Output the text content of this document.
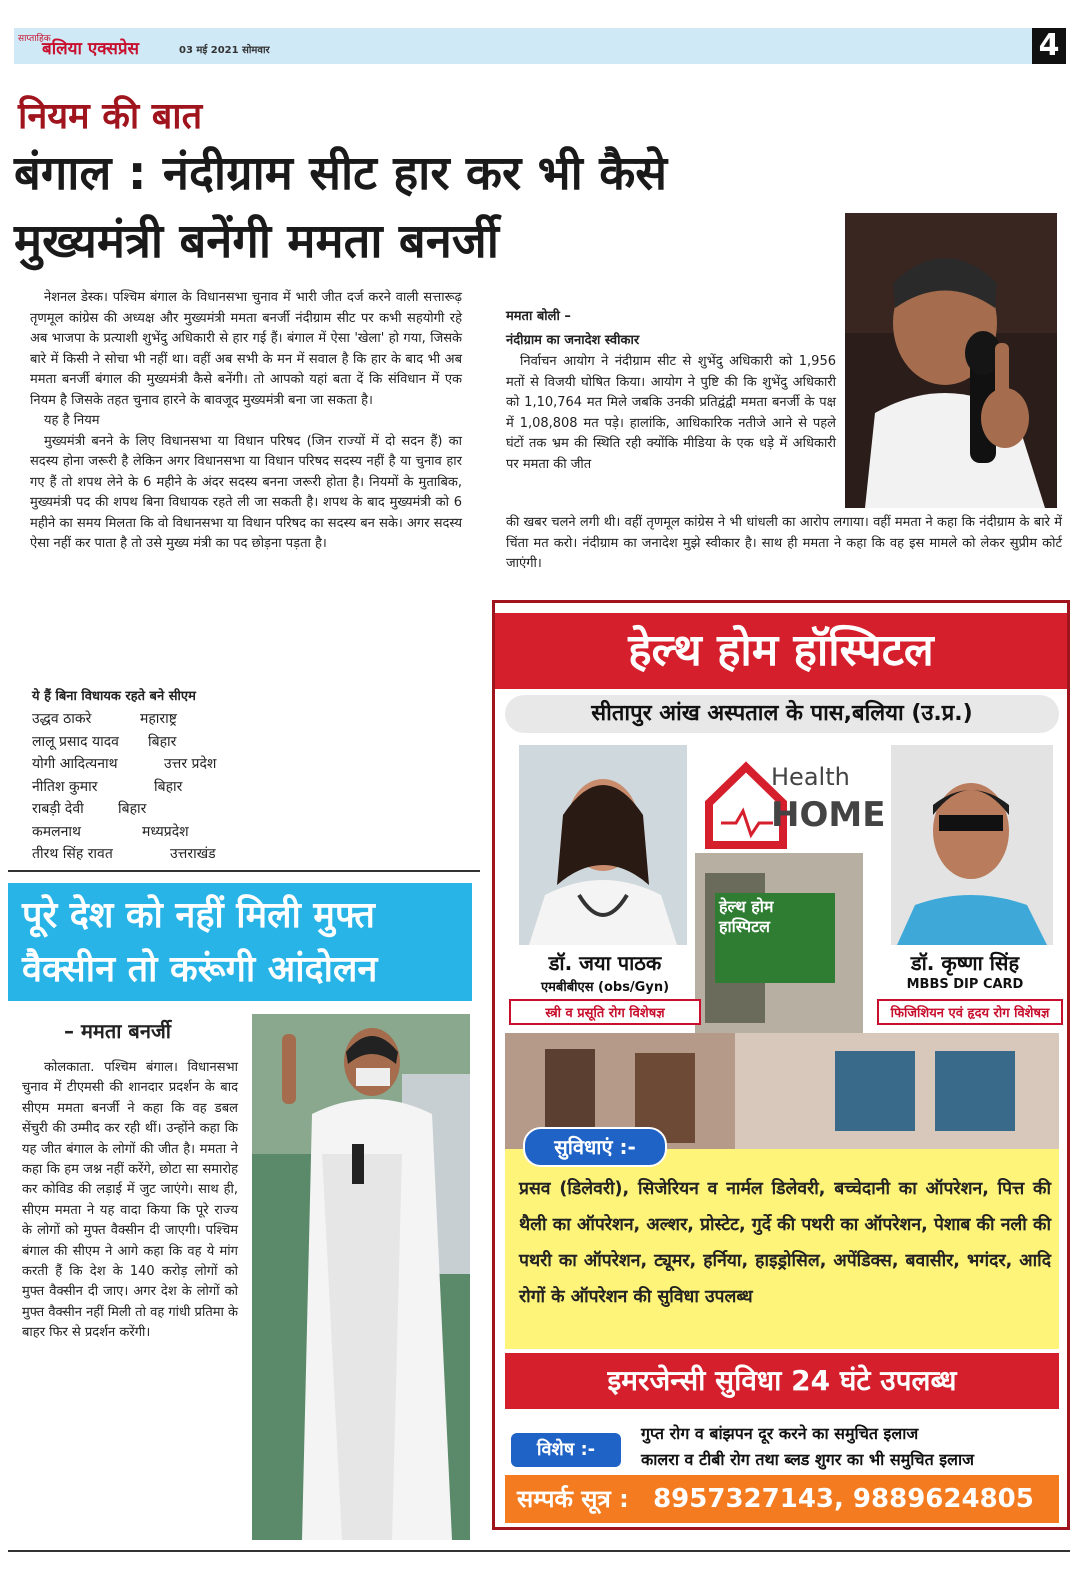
साप्ताहिक
बलिया एक्सप्रेस	03 मई 2021 सोमवार	4
नियम की बात
बंगाल : नंदीग्राम सीट हार कर भी कैसे
मुख्यमंत्री बनेंगी ममता बनर्जी

नेशनल डेस्क। पश्चिम बंगाल के विधानसभा चुनाव में भारी जीत दर्ज करने वाली सत्तारूढ़ तृणमूल कांग्रेस की अध्यक्ष और मुख्यमंत्री ममता बनर्जी नंदीग्राम सीट पर कभी सहयोगी रहे अब भाजपा के प्रत्याशी शुभेंदु अधिकारी से हार गई हैं। बंगाल में ऐसा 'खेला' हो गया, जिसके बारे में किसी ने सोचा भी नहीं था। वहीं अब सभी के मन में सवाल है कि हार के बाद भी अब ममता बनर्जी बंगाल की मुख्यमंत्री कैसे बनेंगी। तो आपको यहां बता दें कि संविधान में एक नियम है जिसके तहत चुनाव हारने के बावजूद मुख्यमंत्री बना जा सकता है।

यह है नियम

मुख्यमंत्री बनने के लिए विधानसभा या विधान परिषद (जिन राज्यों में दो सदन हैं) का सदस्य होना जरूरी है लेकिन अगर विधानसभा या विधान परिषद सदस्य नहीं है या चुनाव हार गए हैं तो शपथ लेने के 6 महीने के अंदर सदस्य बनना जरूरी होता है। नियमों के मुताबिक, मुख्यमंत्री पद की शपथ बिना विधायक रहते ली जा सकती है। शपथ के बाद मुख्यमंत्री को 6 महीने का समय मिलता कि वो विधानसभा या विधान परिषद का सदस्य बन सके। अगर सदस्य ऐसा नहीं कर पाता है तो उसे मुख्य मंत्री का पद छोड़ना पड़ता है।

ये हैं बिना विधायक रहते बने सीएम
उद्धव ठाकरे	महाराष्ट्र
लालू प्रसाद यादव	बिहार
योगी आदित्यनाथ	उत्तर प्रदेश
नीतिश कुमार	बिहार
राबड़ी देवी	बिहार
कमलनाथ	मध्यप्रदेश
तीरथ सिंह रावत	उत्तराखंड
ममता बोली –
नंदीग्राम का जनादेश स्वीकार

निर्वाचन आयोग ने नंदीग्राम सीट से शुभेंदु अधिकारी को 1,956 मतों से विजयी घोषित किया। आयोग ने पुष्टि की कि शुभेंदु अधिकारी को 1,10,764 मत मिले जबकि उनकी प्रतिद्वंद्वी ममता बनर्जी के पक्ष में 1,08,808 मत पड़े। हालांकि, आधिकारिक नतीजे आने से पहले घंटों तक भ्रम की स्थिति रही क्योंकि मीडिया के एक धड़े में अधिकारी पर ममता की जीत

की खबर चलने लगी थी। वहीं तृणमूल कांग्रेस ने भी धांधली का आरोप लगाया। वहीं ममता ने कहा कि नंदीग्राम के बारे में चिंता मत करो। नंदीग्राम का जनादेश मुझे स्वीकार है। साथ ही ममता ने कहा कि वह इस मामले को लेकर सुप्रीम कोर्ट जाएंगी।

पूरे देश को नहीं मिली मुफ्त
वैक्सीन तो करूंगी आंदोलन
– ममता बनर्जी

कोलकाता. पश्चिम बंगाल। विधानसभा चुनाव में टीएमसी की शानदार प्रदर्शन के बाद सीएम ममता बनर्जी ने कहा कि वह डबल सेंचुरी की उम्मीद कर रही थीं। उन्होंने कहा कि यह जीत बंगाल के लोगों की जीत है। ममता ने कहा कि हम जश्न नहीं करेंगे, छोटा सा समारोह कर कोविड की लड़ाई में जुट जाएंगे। साथ ही, सीएम ममता ने यह वादा किया कि पूरे राज्य के लोगों को मुफ्त वैक्सीन दी जाएगी। पश्चिम बंगाल की सीएम ने आगे कहा कि वह ये मांग करती हैं कि देश के 140 करोड़ लोगों को मुफ्त वैक्सीन दी जाए। अगर देश के लोगों को मुफ्त वैक्सीन नहीं मिली तो वह गांधी प्रतिमा के बाहर फिर से प्रदर्शन करेंगी।

हेल्थ होम हॉस्पिटल
सीतापुर आंख अस्पताल के पास,बलिया (उ.प्र.)
Health
HOME
हेल्थ होम हास्पिटल
डॉ. जया पाठक
एमबीबीएस (obs/Gyn)
स्त्री व प्रसूति रोग विशेषज्ञ
डॉ. कृष्णा सिंह
MBBS DIP CARD
फिजिशियन एवं हृदय रोग विशेषज्ञ
प्रसव (डिलेवरी), सिजेरियन व नार्मल डिलेवरी, बच्चेदानी का ऑपरेशन, पित्त की थैली का ऑपरेशन, अल्शर, प्रोस्टेट, गुर्दे की पथरी का ऑपरेशन, पेशाब की नली की पथरी का ऑपरेशन, ट्यूमर, हर्निया, हाइड्रोसिल, अपेंडिक्स, बवासीर, भगंदर, आदि रोगों के ऑपरेशन की सुविधा उपलब्ध
सुविधाएं :-
इमरजेन्सी सुविधा 24 घंटे उपलब्ध
विशेष :-
गुप्त रोग व बांझपन दूर करने का समुचित इलाज
कालरा व टीबी रोग तथा ब्लड शुगर का भी समुचित इलाज
सम्पर्क सूत्र : 8957327143, 9889624805
